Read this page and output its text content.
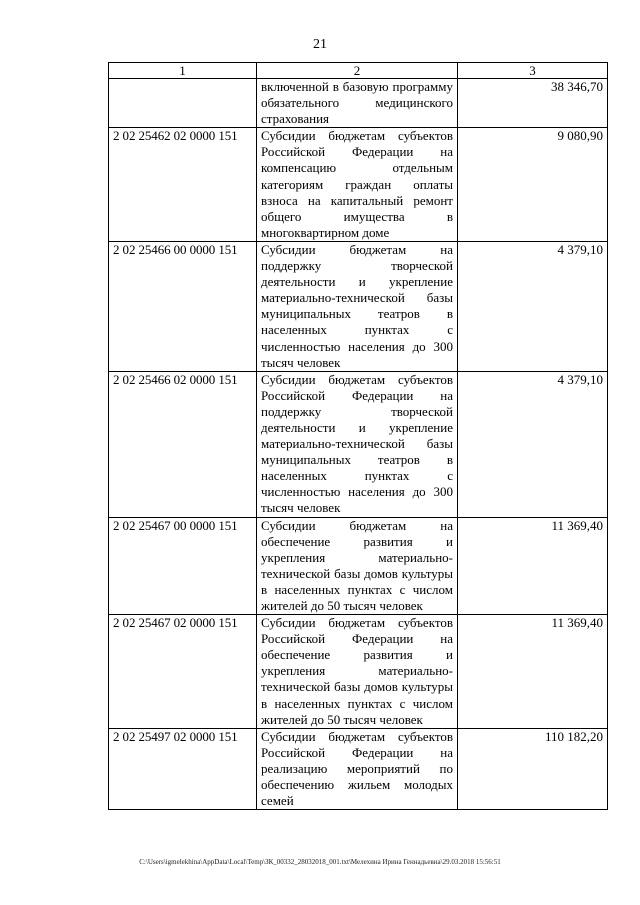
21
1	2	3
	включенной в базовую программу обязательного медицинского страхования	38 346,70
2 02 25462 02 0000 151	Субсидии бюджетам субъектов Российской Федерации на компенсацию отдельным категориям граждан оплаты взноса на капитальный ремонт общего имущества в многоквартирном доме	9 080,90
2 02 25466 00 0000 151	Субсидии бюджетам на поддержку творческой деятельности и укрепление материально-технической базы муниципальных театров в населенных пунктах с численностью населения до 300 тысяч человек	4 379,10
2 02 25466 02 0000 151	Субсидии бюджетам субъектов Российской Федерации на поддержку творческой деятельности и укрепление материально-технической базы муниципальных театров в населенных пунктах с численностью населения до 300 тысяч человек	4 379,10
2 02 25467 00 0000 151	Субсидии бюджетам на обеспечение развития и укрепления материально-технической базы домов культуры в населенных пунктах с числом жителей до 50 тысяч человек	11 369,40
2 02 25467 02 0000 151	Субсидии бюджетам субъектов Российской Федерации на обеспечение развития и укрепления материально-технической базы домов культуры в населенных пунктах с числом жителей до 50 тысяч человек	11 369,40
2 02 25497 02 0000 151	Субсидии бюджетам субъектов Российской Федерации на реализацию мероприятий по обеспечению жильем молодых семей	110 182,20
C:\Users\igmelekhina\AppData\Local\Temp\ЗК_00332_28032018_001.txt\Мелехина Ирина Геннадьевна\29.03.2018 15:56:51
